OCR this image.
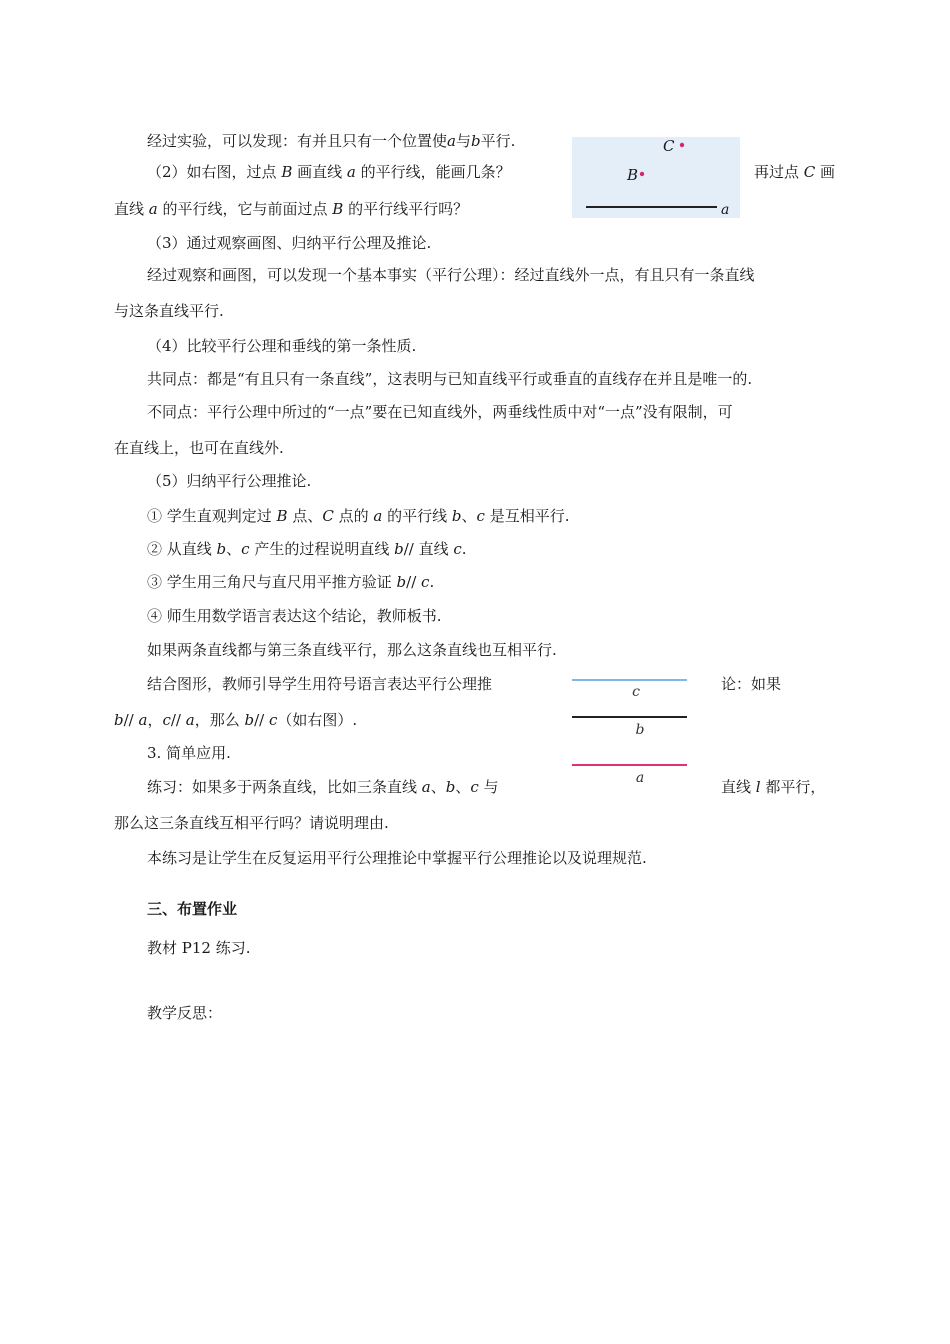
经过实验，可以发现：有并且只有一个位置使a与b平行.
（2）如右图，过点 B 画直线 a 的平行线，能画几条？	再过点 C 画
直线 a 的平行线，它与前面过点 B 的平行线平行吗？
C
B
a
（3）通过观察画图、归纳平行公理及推论.
经过观察和画图，可以发现一个基本事实（平行公理）：经过直线外一点，有且只有一条直线
与这条直线平行.
（4）比较平行公理和垂线的第一条性质.
共同点：都是“有且只有一条直线”，这表明与已知直线平行或垂直的直线存在并且是唯一的.
不同点：平行公理中所过的“一点”要在已知直线外，两垂线性质中对“一点”没有限制，可
在直线上，也可在直线外.
（5）归纳平行公理推论.
① 学生直观判定过 B 点、C 点的 a 的平行线 b、c 是互相平行.
② 从直线 b、c 产生的过程说明直线 b// 直线 c.
③ 学生用三角尺与直尺用平推方验证 b// c.
④ 师生用数学语言表达这个结论，教师板书.
如果两条直线都与第三条直线平行，那么这条直线也互相平行.
结合图形，教师引导学生用符号语言表达平行公理推	论：如果
b// a，c// a，那么 b// c（如右图）.
3. 简单应用.
练习：如果多于两条直线，比如三条直线 a、b、c 与	直线 l 都平行，
c
b
a
那么这三条直线互相平行吗？请说明理由.
本练习是让学生在反复运用平行公理推论中掌握平行公理推论以及说理规范.
三、布置作业
教材 P12 练习.
教学反思：
